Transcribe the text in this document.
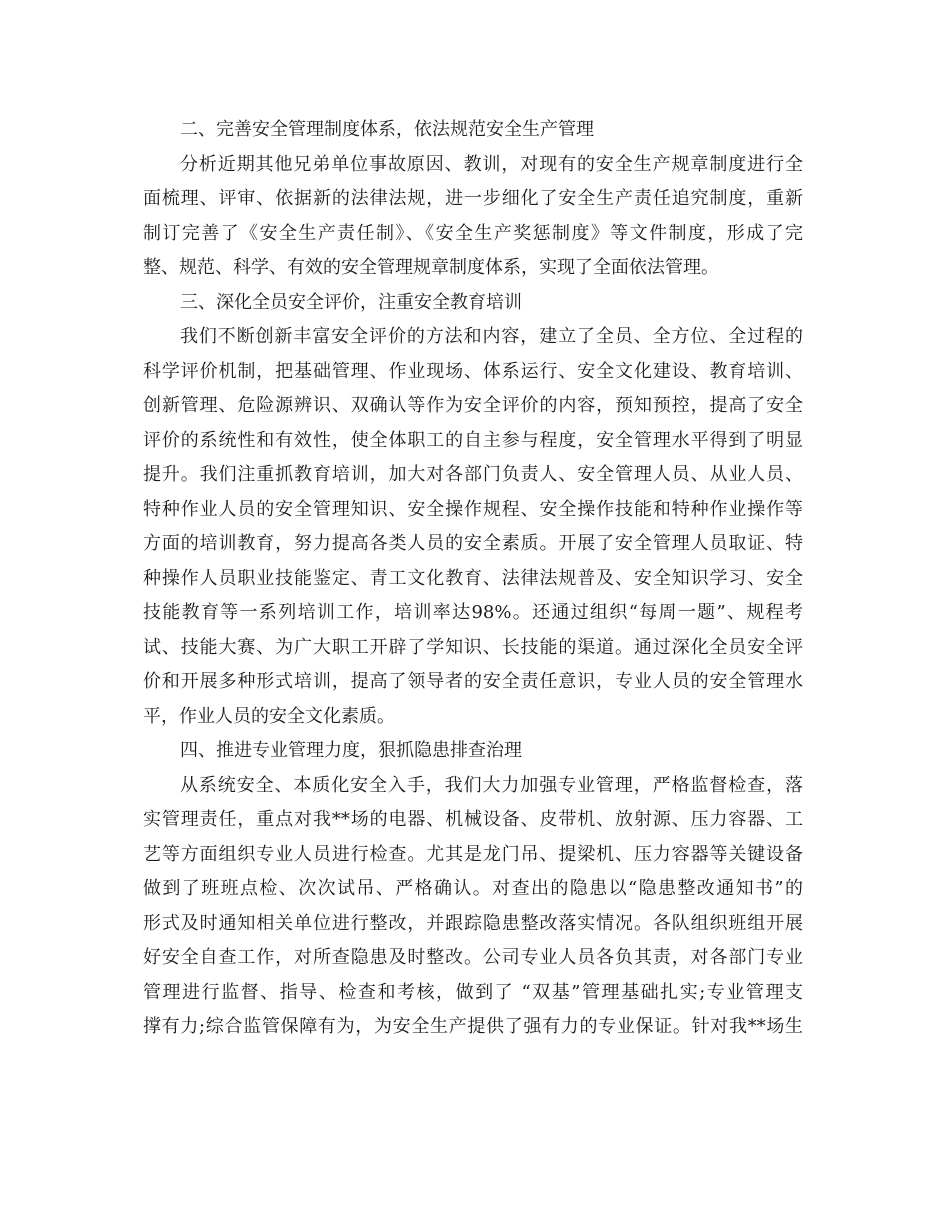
二、完善安全管理制度体系，依法规范安全生产管理
分析近期其他兄弟单位事故原因、教训，对现有的安全生产规章制度进行全
面梳理、评审、依据新的法律法规，进一步细化了安全生产责任追究制度，重新
制订完善了《安全生产责任制》、《安全生产奖惩制度》等文件制度，形成了完
整、规范、科学、有效的安全管理规章制度体系，实现了全面依法管理。
三、深化全员安全评价，注重安全教育培训
我们不断创新丰富安全评价的方法和内容，建立了全员、全方位、全过程的
科学评价机制，把基础管理、作业现场、体系运行、安全文化建设、教育培训、
创新管理、危险源辨识、双确认等作为安全评价的内容，预知预控，提高了安全
评价的系统性和有效性，使全体职工的自主参与程度，安全管理水平得到了明显
提升。我们注重抓教育培训，加大对各部门负责人、安全管理人员、从业人员、
特种作业人员的安全管理知识、安全操作规程、安全操作技能和特种作业操作等
方面的培训教育，努力提高各类人员的安全素质。开展了安全管理人员取证、特
种操作人员职业技能鉴定、青工文化教育、法律法规普及、安全知识学习、安全
技能教育等一系列培训工作，培训率达98%。还通过组织“每周一题”、规程考
试、技能大赛、为广大职工开辟了学知识、长技能的渠道。通过深化全员安全评
价和开展多种形式培训，提高了领导者的安全责任意识，专业人员的安全管理水
平，作业人员的安全文化素质。
四、推进专业管理力度，狠抓隐患排查治理
从系统安全、本质化安全入手，我们大力加强专业管理，严格监督检查，落
实管理责任，重点对我**场的电器、机械设备、皮带机、放射源、压力容器、工
艺等方面组织专业人员进行检查。尤其是龙门吊、提梁机、压力容器等关键设备
做到了班班点检、次次试吊、严格确认。对查出的隐患以“隐患整改通知书”的
形式及时通知相关单位进行整改，并跟踪隐患整改落实情况。各队组织班组开展
好安全自查工作，对所查隐患及时整改。公司专业人员各负其责，对各部门专业
管理进行监督、指导、检查和考核，做到了 “双基”管理基础扎实;专业管理支
撑有力;综合监管保障有为，为安全生产提供了强有力的专业保证。针对我**场生
